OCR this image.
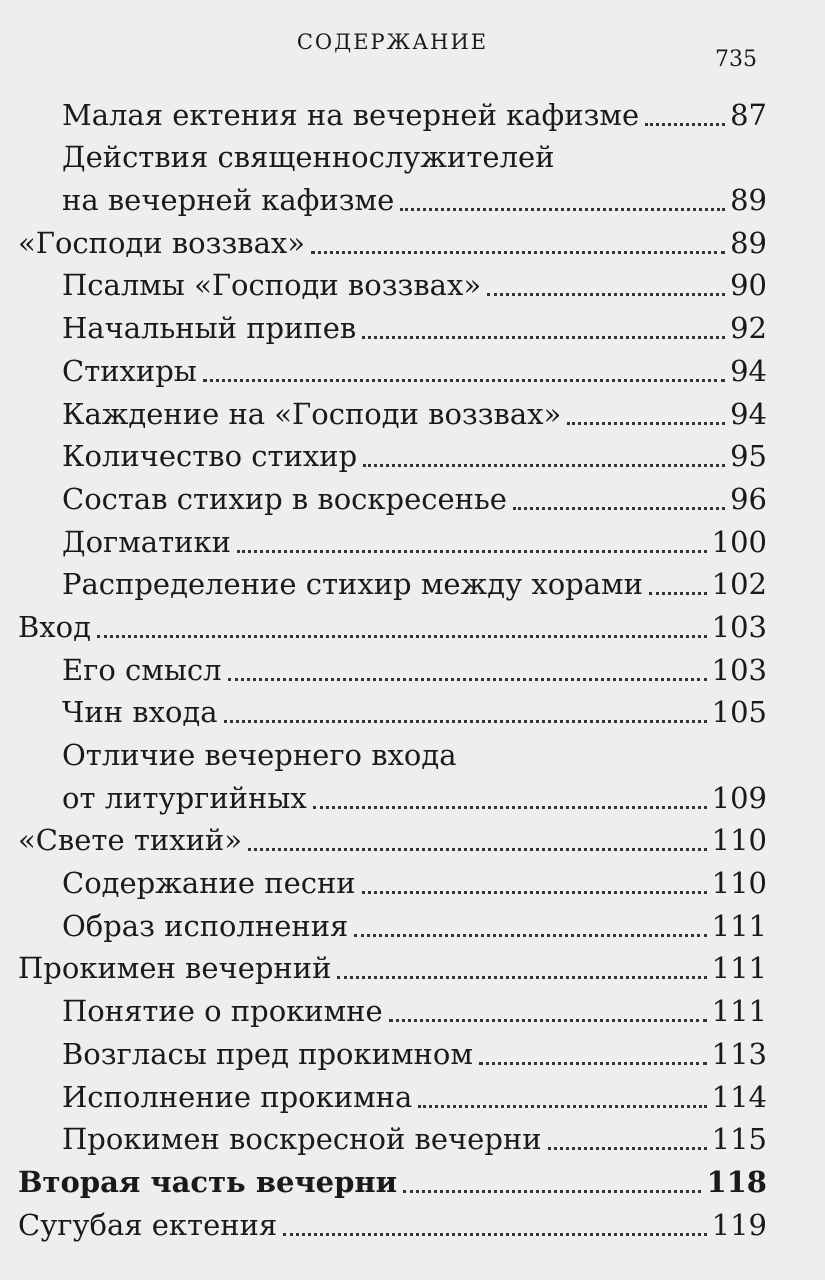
СОДЕРЖАНИЕ
735
Малая ектения на вечерней кафизме	87
Действия священнослужителей
на вечерней кафизме	89
«Господи воззвах»	89
Псалмы «Господи воззвах»	90
Начальный припев	92
Стихиры	94
Каждение на «Господи воззвах»	94
Количество стихир	95
Состав стихир в воскресенье	96
Догматики	100
Распределение стихир между хорами 102
Вход	103
Его смысл	103
Чин входа	105
Отличие вечернего входа
от литургийных	109
«Свете тихий»	110
Содержание песни	110
Образ исполнения	111
Прокимен вечерний	111
Понятие о прокимне	111
Возгласы пред прокимном	113
Исполнение прокимна	114
Прокимен воскресной вечерни	115
Вторая часть вечерни	118
Сугубая ектения	119
